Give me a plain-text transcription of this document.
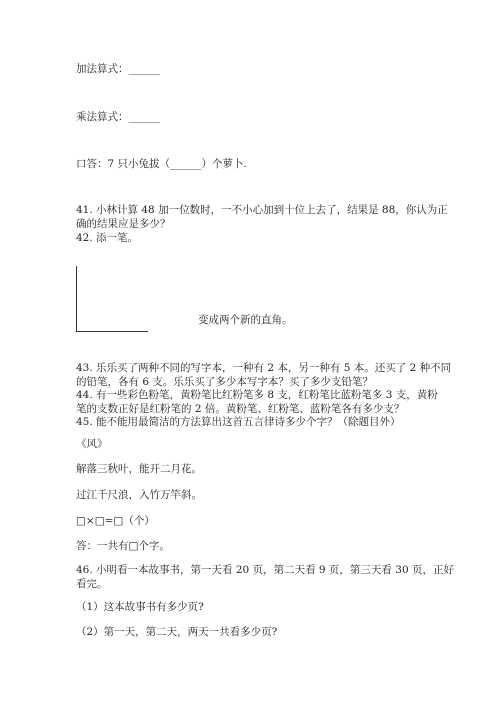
加法算式：______
乘法算式：______
口答：7 只小兔拔（______）个萝卜.
41. 小林计算 48 加一位数时，一不小心加到十位上去了，结果是 88，你认为正
确的结果应是多少？
42. 添一笔。
变成两个新的直角。
43. 乐乐买了两种不同的写字本，一种有 2 本，另一种有 5 本。还买了 2 种不同
的铅笔，各有 6 支。乐乐买了多少本写字本？买了多少支铅笔？
44. 有一些彩色粉笔，黄粉笔比红粉笔多 8 支，红粉笔比蓝粉笔多 3 支，黄粉
笔的支数正好是红粉笔的 2 倍。黄粉笔、红粉笔、蓝粉笔各有多少支？
45. 能不能用最简洁的方法算出这首五言律诗多少个字？（除题目外）
《风》
解落三秋叶，能开二月花。
过江千尺浪，入竹万竿斜。
□×□=□（个）
答：一共有□个字。
46. 小明看一本故事书，第一天看 20 页，第二天看 9 页，第三天看 30 页，正好
看完。
（1）这本故事书有多少页?
（2）第一天，第二天，两天一共看多少页?
